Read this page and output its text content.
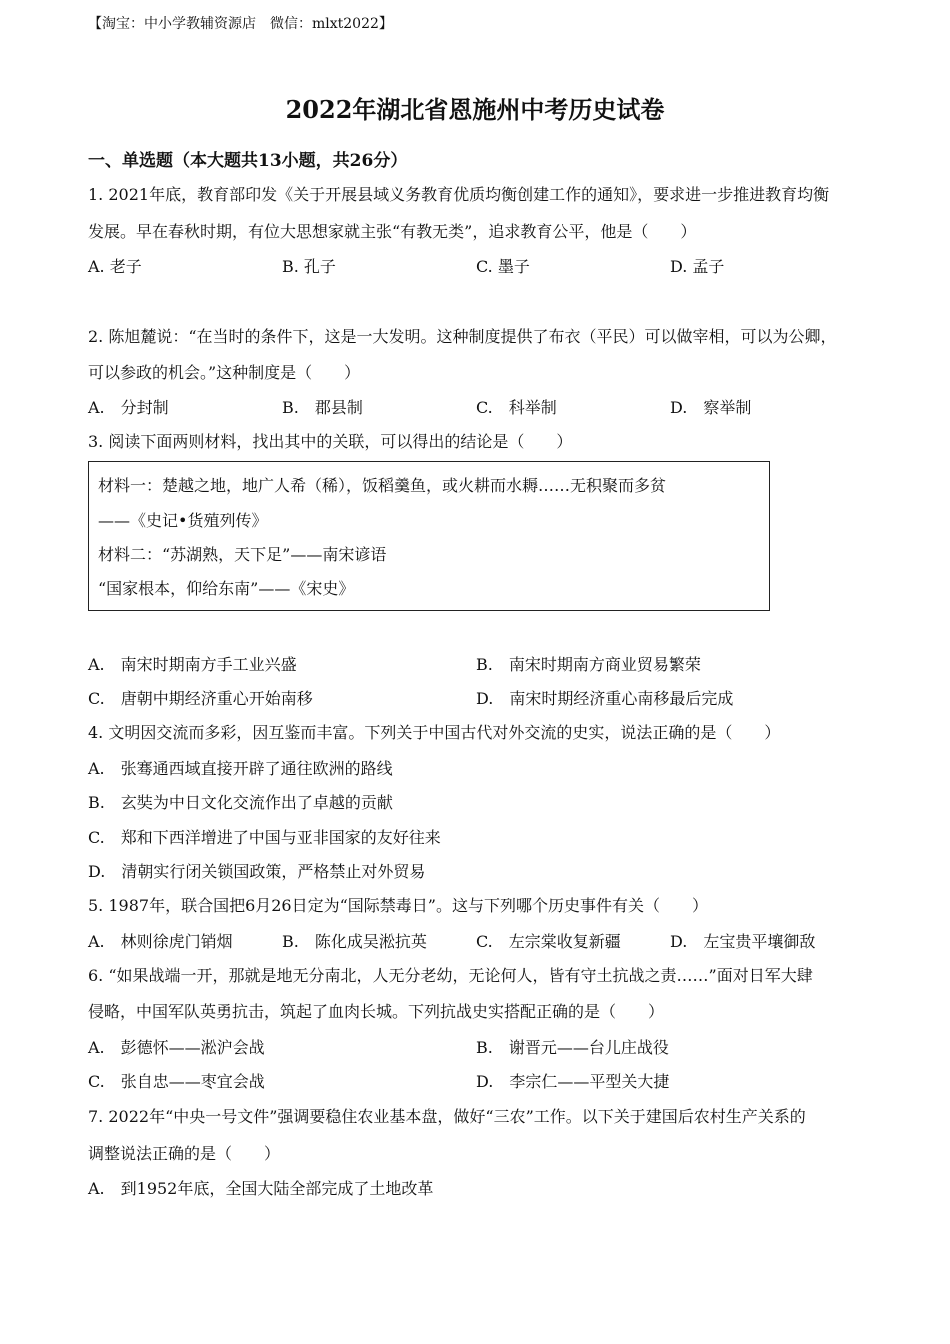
【淘宝：中小学教辅资源店　微信：mlxt2022】
2022年湖北省恩施州中考历史试卷
一、单选题（本大题共13小题，共26分）
1. 2021年底，教育部印发《关于开展县域义务教育优质均衡创建工作的通知》，要求进一步推进教育均衡
发展。早在春秋时期，有位大思想家就主张“有教无类”，追求教育公平，他是（　　）
A. 老子	B. 孔子	C. 墨子	D. 孟子
2. 陈旭麓说：“在当时的条件下，这是一大发明。这种制度提供了布衣（平民）可以做宰相，可以为公卿，
可以参政的机会。”这种制度是（　　）
A.　分封制	B.　郡县制	C.　科举制	D.　察举制
3. 阅读下面两则材料，找出其中的关联，可以得出的结论是（　　）
材料一：楚越之地，地广人希（稀），饭稻羹鱼，或火耕而水耨……无积聚而多贫
——《史记•货殖列传》
材料二：“苏湖熟，天下足”——南宋谚语
“国家根本，仰给东南”——《宋史》
A.　南宋时期南方手工业兴盛	B.　南宋时期南方商业贸易繁荣
C.　唐朝中期经济重心开始南移	D.　南宋时期经济重心南移最后完成
4. 文明因交流而多彩，因互鉴而丰富。下列关于中国古代对外交流的史实，说法正确的是（　　）
A.　张骞通西域直接开辟了通往欧洲的路线
B.　玄奘为中日文化交流作出了卓越的贡献
C.　郑和下西洋增进了中国与亚非国家的友好往来
D.　清朝实行闭关锁国政策，严格禁止对外贸易
5. 1987年，联合国把6月26日定为“国际禁毒日”。这与下列哪个历史事件有关（　　）
A.　林则徐虎门销烟	B.　陈化成吴淞抗英	C.　左宗棠收复新疆	D.　左宝贵平壤御敌
6. “如果战端一开，那就是地无分南北，人无分老幼，无论何人，皆有守土抗战之责……”面对日军大肆
侵略，中国军队英勇抗击，筑起了血肉长城。下列抗战史实搭配正确的是（　　）
A.　彭德怀——淞沪会战	B.　谢晋元——台儿庄战役
C.　张自忠——枣宜会战	D.　李宗仁——平型关大捷
7. 2022年“中央一号文件”强调要稳住农业基本盘，做好“三农”工作。以下关于建国后农村生产关系的
调整说法正确的是（　　）
A.　到1952年底，全国大陆全部完成了土地改革
